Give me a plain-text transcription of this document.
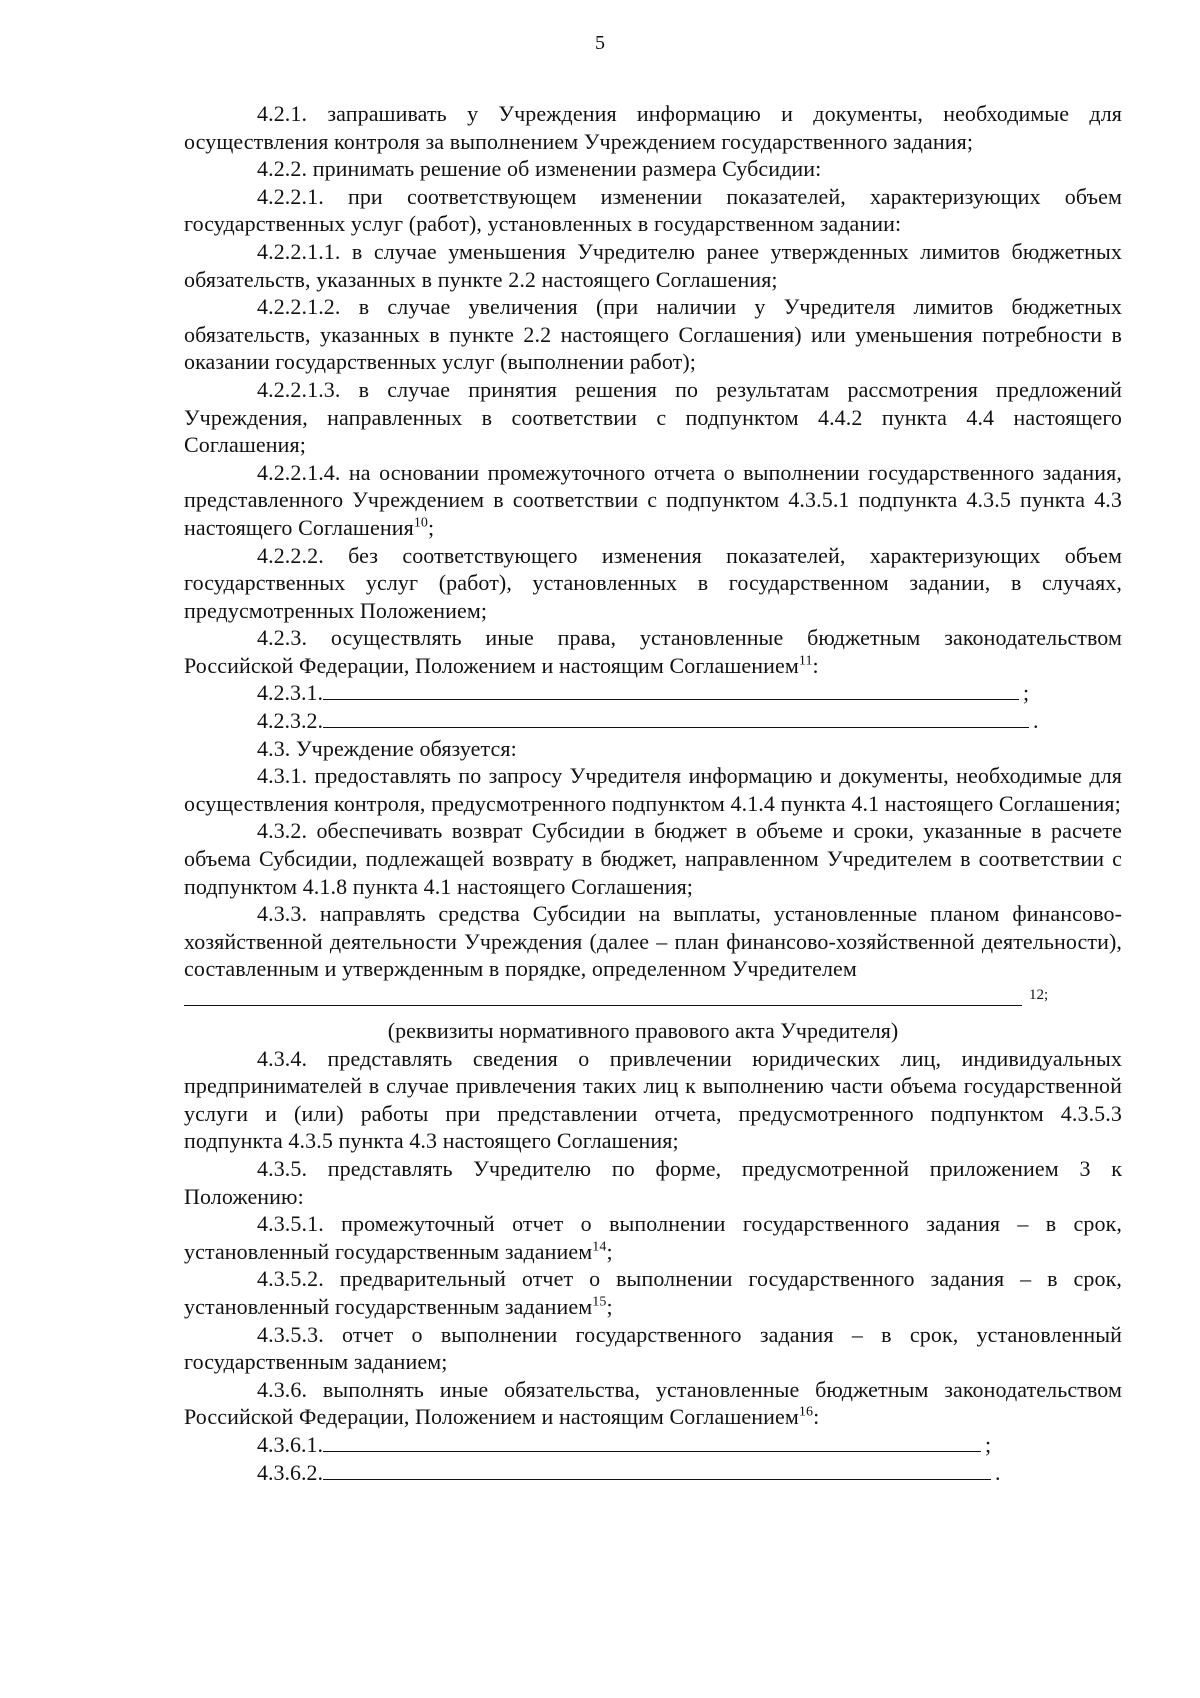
5

4.2.1. запрашивать у Учреждения информацию и документы, необходимые для осуществления контроля за выполнением Учреждением государственного задания;

4.2.2. принимать решение об изменении размера Субсидии:

4.2.2.1. при соответствующем изменении показателей, характеризующих объем государственных услуг (работ), установленных в государственном задании:

4.2.2.1.1. в случае уменьшения Учредителю ранее утвержденных лимитов бюджетных обязательств, указанных в пункте 2.2 настоящего Соглашения;

4.2.2.1.2. в случае увеличения (при наличии у Учредителя лимитов бюджетных обязательств, указанных в пункте 2.2 настоящего Соглашения) или уменьшения потребности в оказании государственных услуг (выполнении работ);

4.2.2.1.3. в случае принятия решения по результатам рассмотрения предложений Учреждения, направленных в соответствии с подпунктом 4.4.2 пункта 4.4 настоящего Соглашения;

4.2.2.1.4. на основании промежуточного отчета о выполнении государственного задания, представленного Учреждением в соответствии с подпунктом 4.3.5.1 подпункта 4.3.5 пункта 4.3 настоящего Соглашения$^{10}$;

4.2.2.2. без соответствующего изменения показателей, характеризующих объем государственных услуг (работ), установленных в государственном задании, в случаях, предусмотренных Положением;

4.2.3. осуществлять иные права, установленные бюджетным законодательством Российской Федерации, Положением и настоящим Соглашением$^{11}$:

4.2.3.1.	;
4.2.3.2.	.

4.3. Учреждение обязуется:

4.3.1. предоставлять по запросу Учредителя информацию и документы, необходимые для осуществления контроля, предусмотренного подпунктом 4.1.4 пункта 4.1 настоящего Соглашения;

4.3.2. обеспечивать возврат Субсидии в бюджет в объеме и сроки, указанные в расчете объема Субсидии, подлежащей возврату в бюджет, направленном Учредителем в соответствии с подпунктом 4.1.8 пункта 4.1 настоящего Соглашения;

4.3.3. направлять средства Субсидии на выплаты, установленные планом финансово-хозяйственной деятельности Учреждения (далее – план финансово-хозяйственной деятельности), составленным и утвержденным в порядке, определенном Учредителем

12;

(реквизиты нормативного правового акта Учредителя)

4.3.4. представлять сведения о привлечении юридических лиц, индивидуальных предпринимателей в случае привлечения таких лиц к выполнению части объема государственной услуги и (или) работы при представлении отчета, предусмотренного подпунктом 4.3.5.3 подпункта 4.3.5 пункта 4.3 настоящего Соглашения;

4.3.5. представлять Учредителю по форме, предусмотренной приложением 3 к Положению:

4.3.5.1. промежуточный отчет о выполнении государственного задания – в срок, установленный государственным заданием$^{14}$;

4.3.5.2. предварительный отчет о выполнении государственного задания – в срок, установленный государственным заданием$^{15}$;

4.3.5.3. отчет о выполнении государственного задания – в срок, установленный государственным заданием;

4.3.6. выполнять иные обязательства, установленные бюджетным законодательством Российской Федерации, Положением и настоящим Соглашением$^{16}$:

4.3.6.1.	;
4.3.6.2.	.
